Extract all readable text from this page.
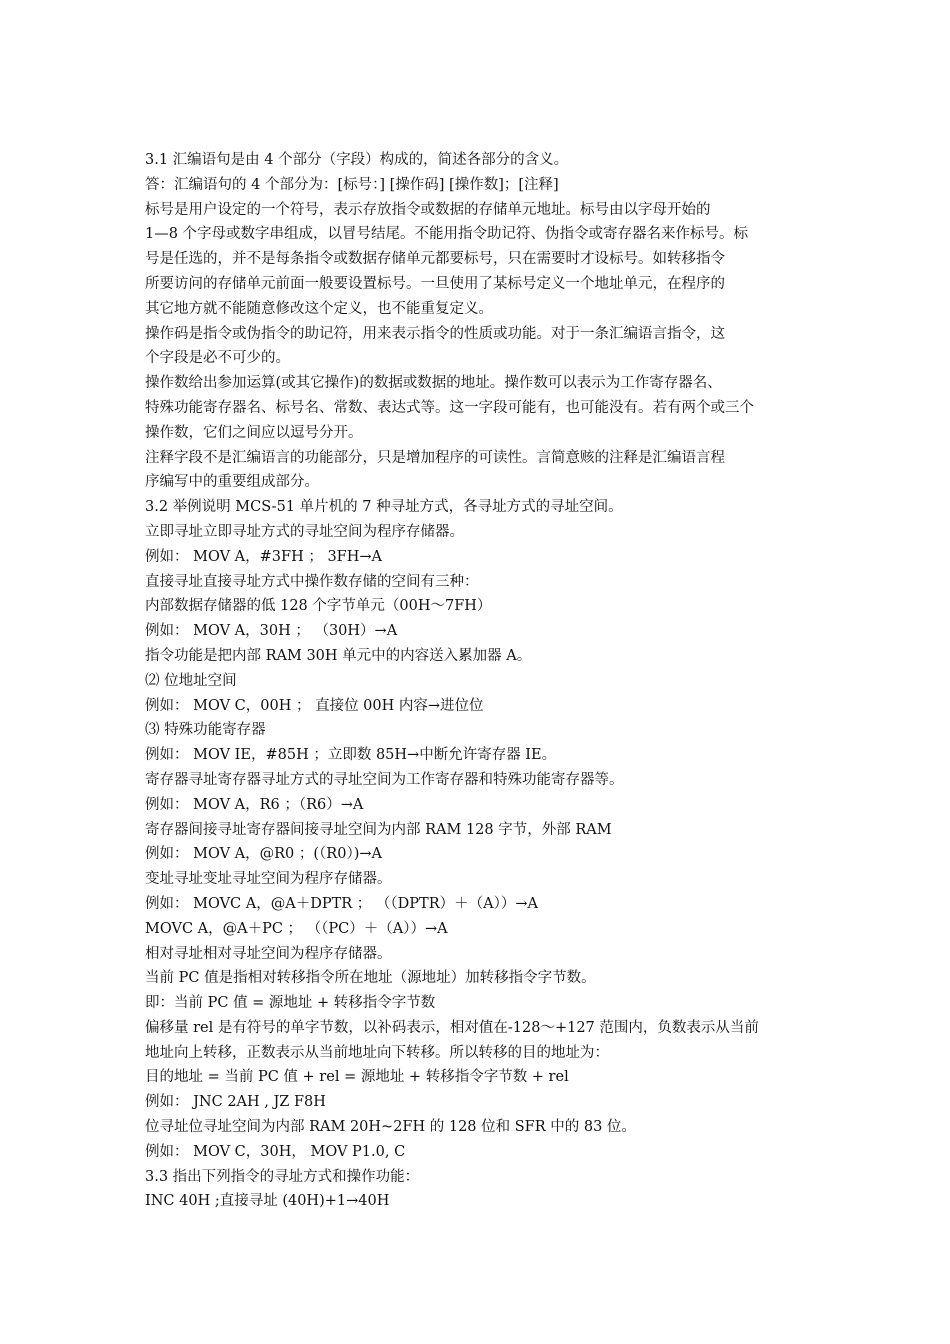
3.1 汇编语句是由 4 个部分（字段）构成的，简述各部分的含义。
答：汇编语句的 4 个部分为：[标号：] [操作码] [操作数]；[注释]
标号是用户设定的一个符号，表示存放指令或数据的存储单元地址。标号由以字母开始的
1—8 个字母或数字串组成，以冒号结尾。不能用指令助记符、伪指令或寄存器名来作标号。标
号是任选的，并不是每条指令或数据存储单元都要标号，只在需要时才设标号。如转移指令
所要访问的存储单元前面一般要设置标号。一旦使用了某标号定义一个地址单元，在程序的
其它地方就不能随意修改这个定义，也不能重复定义。
操作码是指令或伪指令的助记符，用来表示指令的性质或功能。对于一条汇编语言指令，这
个字段是必不可少的。
操作数给出参加运算(或其它操作)的数据或数据的地址。操作数可以表示为工作寄存器名、
特殊功能寄存器名、标号名、常数、表达式等。这一字段可能有，也可能没有。若有两个或三个
操作数，它们之间应以逗号分开。
注释字段不是汇编语言的功能部分，只是增加程序的可读性。言简意赅的注释是汇编语言程
序编写中的重要组成部分。
3.2 举例说明 MCS-51 单片机的 7 种寻址方式，各寻址方式的寻址空间。
立即寻址立即寻址方式的寻址空间为程序存储器。
例如： MOV A，#3FH ； 3FH→A
直接寻址直接寻址方式中操作数存储的空间有三种：
内部数据存储器的低 128 个字节单元（00H～7FH）
例如： MOV A，30H ； （30H）→A
指令功能是把内部 RAM 30H 单元中的内容送入累加器 A。
⑵ 位地址空间
例如： MOV C，00H ； 直接位 00H 内容→进位位
⑶ 特殊功能寄存器
例如： MOV IE，#85H ；立即数 85H→中断允许寄存器 IE。
寄存器寻址寄存器寻址方式的寻址空间为工作寄存器和特殊功能寄存器等。
例如： MOV A，R6 ；（R6）→A
寄存器间接寻址寄存器间接寻址空间为内部 RAM 128 字节，外部 RAM
例如： MOV A，@R0 ；(（R0）)→A
变址寻址变址寻址空间为程序存储器。
例如： MOVC A，@A＋DPTR ； （（DPTR）＋（A））→A
MOVC A，@A＋PC ； （（PC）＋（A））→A
相对寻址相对寻址空间为程序存储器。
当前 PC 值是指相对转移指令所在地址（源地址）加转移指令字节数。
即：当前 PC 值 = 源地址 + 转移指令字节数
偏移量 rel 是有符号的单字节数，以补码表示，相对值在-128～+127 范围内，负数表示从当前
地址向上转移，正数表示从当前地址向下转移。所以转移的目的地址为：
目的地址 = 当前 PC 值 + rel = 源地址 + 转移指令字节数 + rel
例如： JNC 2AH , JZ F8H
位寻址位寻址空间为内部 RAM 20H~2FH 的 128 位和 SFR 中的 83 位。
例如： MOV C，30H， MOV P1.0, C
3.3 指出下列指令的寻址方式和操作功能：
INC 40H ;直接寻址 (40H)+1→40H
